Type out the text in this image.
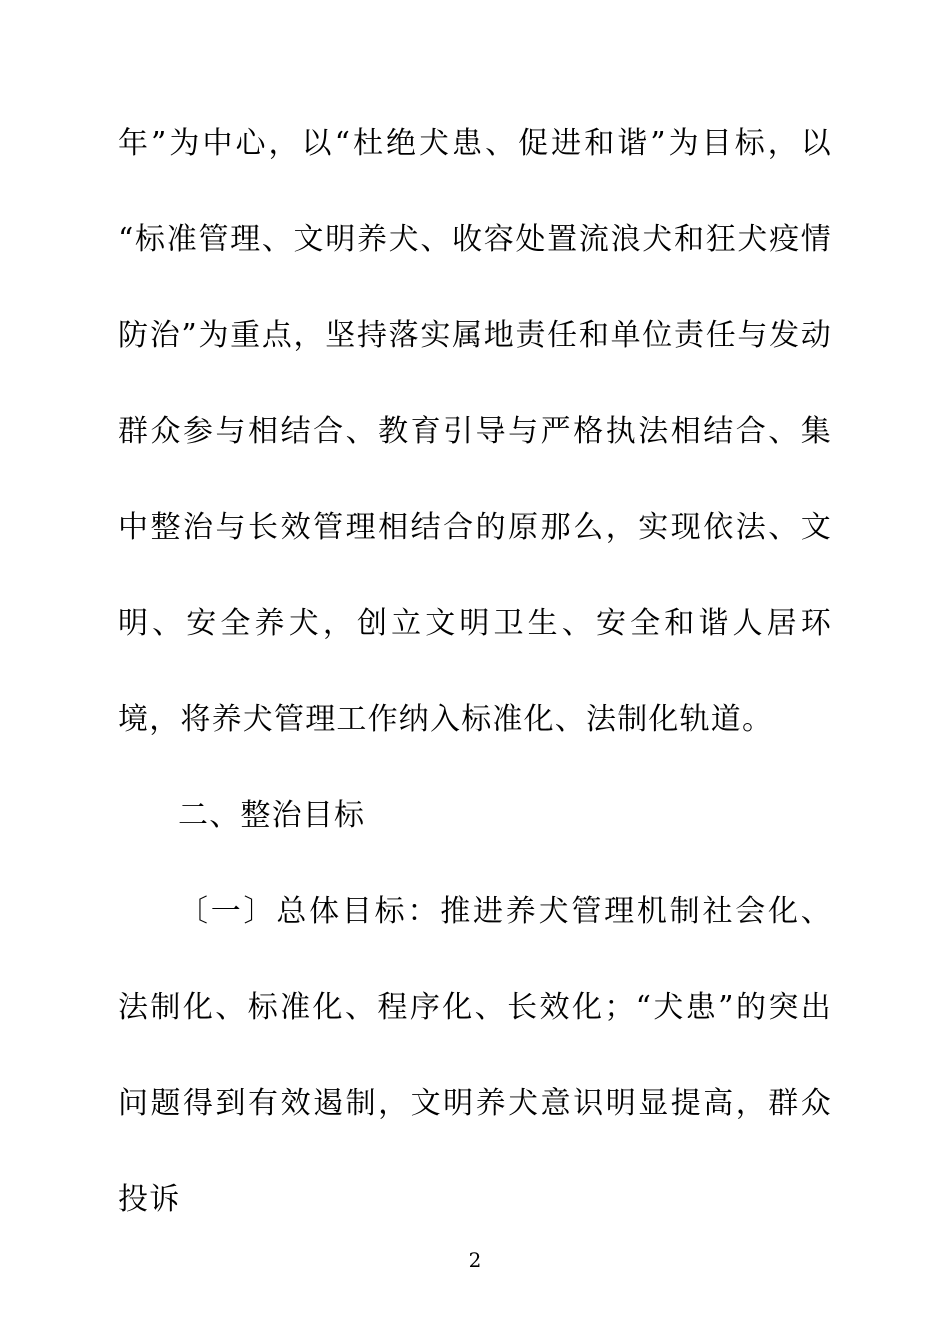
年”为中心，以“杜绝犬患、促进和谐”为目标，以“标准管理、文明养犬、收容处置流浪犬和狂犬疫情防治”为重点，坚持落实属地责任和单位责任与发动群众参与相结合、教育引导与严格执法相结合、集中整治与长效管理相结合的原那么，实现依法、文明、安全养犬，创立文明卫生、安全和谐人居环境，将养犬管理工作纳入标准化、法制化轨道。

二、整治目标

〔一〕总体目标：推进养犬管理机制社会化、法制化、标准化、程序化、长效化；“犬患”的突出问题得到有效遏制，文明养犬意识明显提高，群众投诉

2
